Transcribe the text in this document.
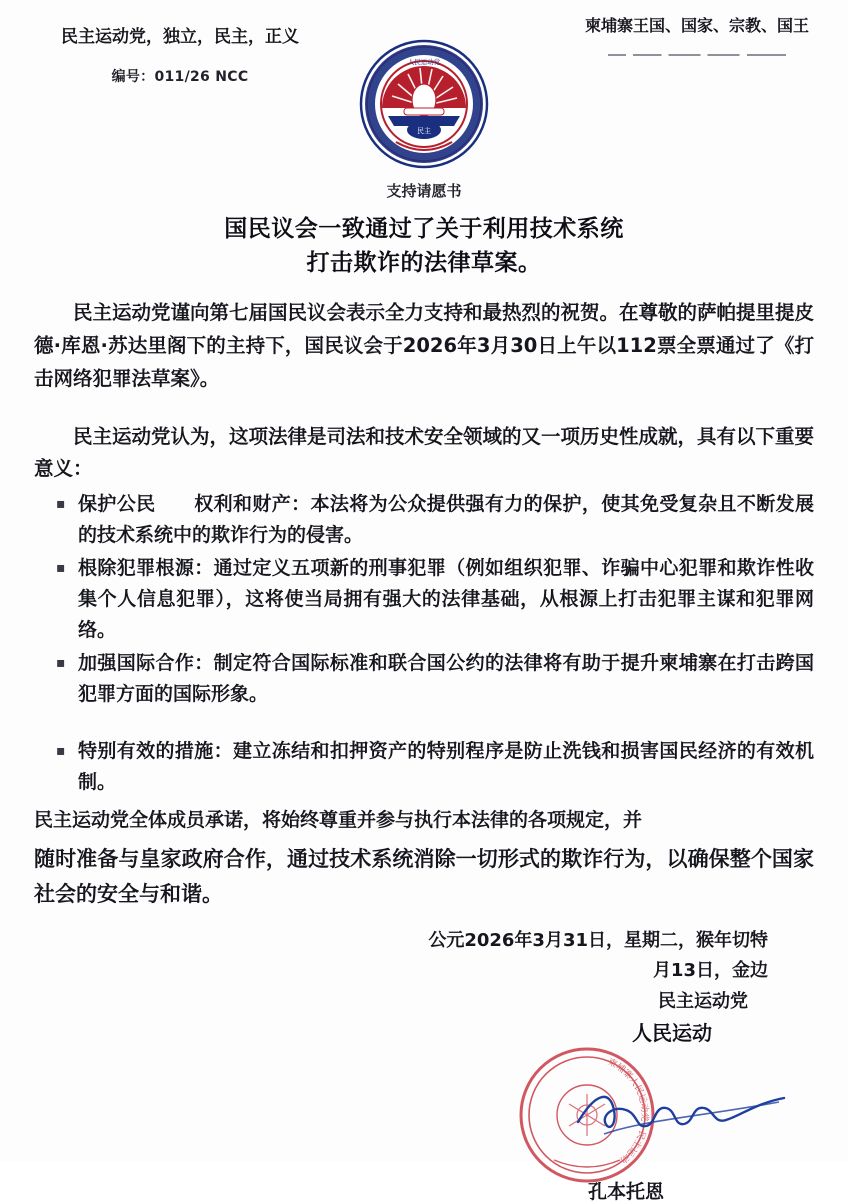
民主运动党，独立，民主，正义
编号：011/26 NCC
柬埔寨王国、国家、宗教、国王
民主
人民运动党
支持请愿书
国民议会一致通过了关于利用技术系统
打击欺诈的法律草案。

民主运动党谨向第七届国民议会表示全力支持和最热烈的祝贺。在尊敬的萨帕提里提皮德·库恩·苏达里阁下的主持下，国民议会于2026年3月30日上午以112票全票通过了《打击网络犯罪法草案》。

民主运动党认为，这项法律是司法和技术安全领域的又一项历史性成就，具有以下重要意义：

▪ 保护公民　　权利和财产：本法将为公众提供强有力的保护，使其免受复杂且不断发展的技术系统中的欺诈行为的侵害。
▪ 根除犯罪根源：通过定义五项新的刑事犯罪（例如组织犯罪、诈骗中心犯罪和欺诈性收集个人信息犯罪），这将使当局拥有强大的法律基础，从根源上打击犯罪主谋和犯罪网络。
▪ 加强国际合作：制定符合国际标准和联合国公约的法律将有助于提升柬埔寨在打击跨国犯罪方面的国际形象。
▪ 特别有效的措施：建立冻结和扣押资产的特别程序是防止洗钱和损害国民经济的有效机制。

民主运动党全体成员承诺，将始终尊重并参与执行本法律的各项规定，并

随时准备与皇家政府合作，通过技术系统消除一切形式的欺诈行为，以确保整个国家社会的安全与和谐。

公元2026年3月31日，星期二，猴年切特
月13日，金边
民主运动党
人民运动
柬埔寨人民运动党 · 民主运动
孔本托恩
